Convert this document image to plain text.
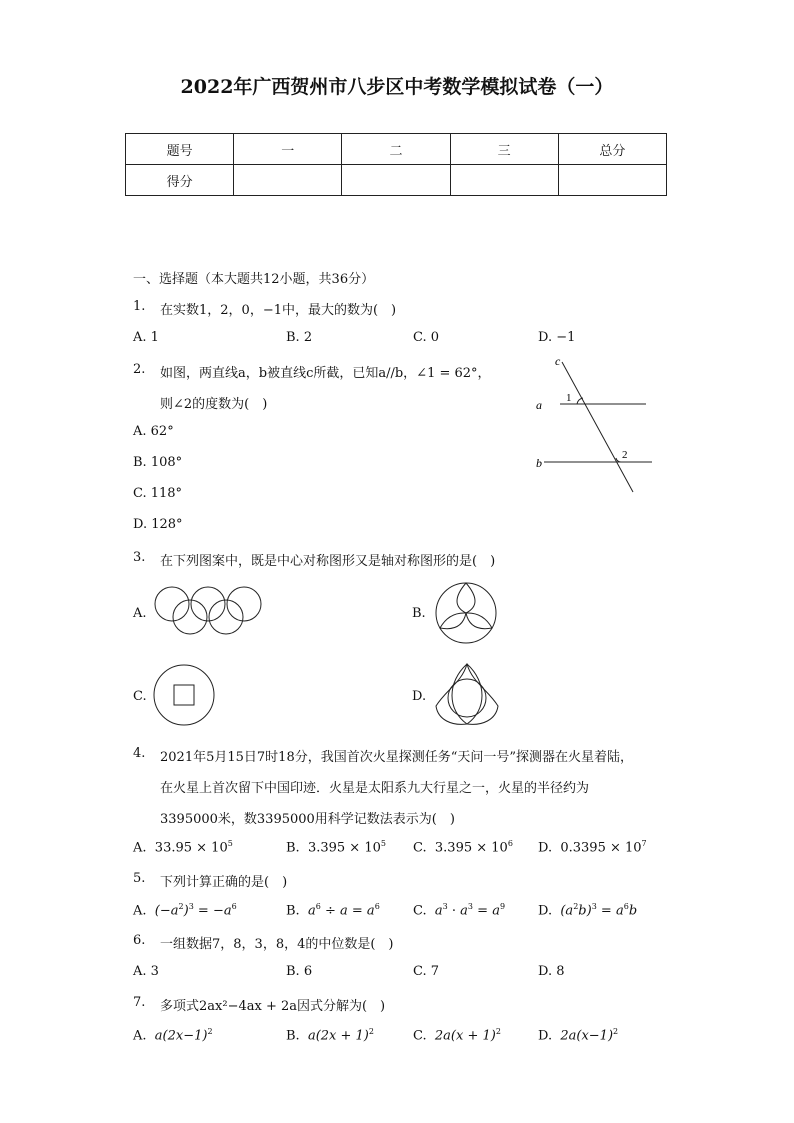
2022年广西贺州市八步区中考数学模拟试卷（一）
题号	一	二	三	总分
得分				
一、选择题（本大题共12小题，共36分）
1. 在实数1，2，0，−1中，最大的数为(　)
A. 1	B. 2	C. 0	D. −1
2. 如图，两直线a，b被直线c所截，已知a//b，∠1 = 62°，
则∠2的度数为(　)
A. 62°
B. 108°
C. 118°
D. 128°
c
a
b
1
2
3. 在下列图案中，既是中心对称图形又是轴对称图形的是(　)
A.	B.
C.	D.
4. 2021年5月15日7时18分，我国首次火星探测任务“天问一号”探测器在火星着陆，
在火星上首次留下中国印迹．火星是太阳系九大行星之一，火星的半径约为
3395000米，数3395000用科学记数法表示为(　)
A. $33.95 \times 10^5$	B. $3.395 \times 10^5$ C. $3.395 \times 10^6$ D. $0.3395 \times 10^7$
5. 下列计算正确的是(　)
A.  $(-a^2)^3 = -a^6$	B.  $a^6 \div a = a^6$	C.  $a^3 \cdot a^3 = a^9$	D.  $(a^2b)^3 = a^6b$
6. 一组数据7，8，3，8，4的中位数是(　)
A. 3	B. 6	C. 7	D. 8
7. 多项式2ax²−4ax + 2a因式分解为(　)
A.  $a(2x-1)^2$	B.  $a(2x + 1)^2$	C.  $2a(x + 1)^2$	D.  $2a(x-1)^2$
